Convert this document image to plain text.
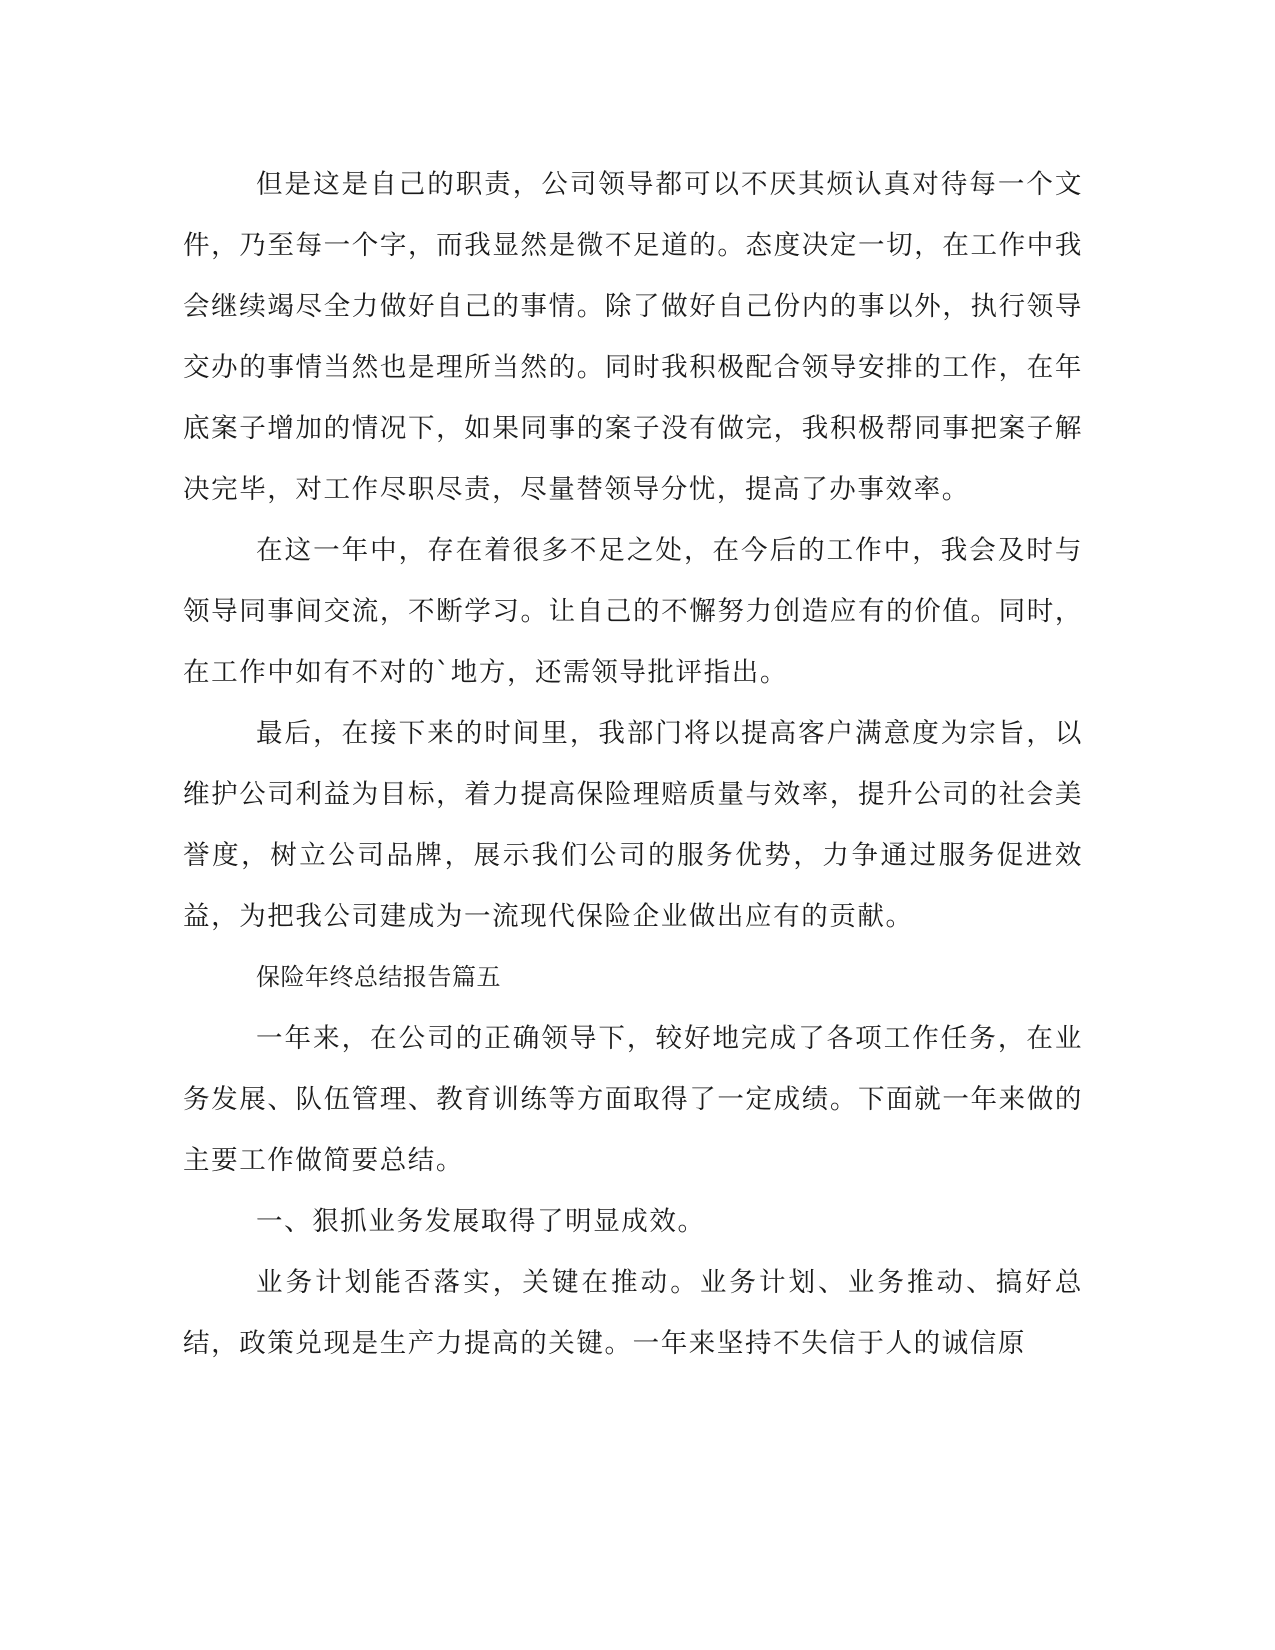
但是这是自己的职责，公司领导都可以不厌其烦认真对待每一个文件，乃至每一个字，而我显然是微不足道的。态度决定一切，在工作中我会继续竭尽全力做好自己的事情。除了做好自己份内的事以外，执行领导交办的事情当然也是理所当然的。同时我积极配合领导安排的工作，在年底案子增加的情况下，如果同事的案子没有做完，我积极帮同事把案子解决完毕，对工作尽职尽责，尽量替领导分忧，提高了办事效率。

在这一年中，存在着很多不足之处，在今后的工作中，我会及时与领导同事间交流，不断学习。让自己的不懈努力创造应有的价值。同时，在工作中如有不对的`地方，还需领导批评指出。

最后，在接下来的时间里，我部门将以提高客户满意度为宗旨，以维护公司利益为目标，着力提高保险理赔质量与效率，提升公司的社会美誉度，树立公司品牌，展示我们公司的服务优势，力争通过服务促进效益，为把我公司建成为一流现代保险企业做出应有的贡献。

保险年终总结报告篇五

一年来，在公司的正确领导下，较好地完成了各项工作任务，在业务发展、队伍管理、教育训练等方面取得了一定成绩。下面就一年来做的主要工作做简要总结。

一、狠抓业务发展取得了明显成效。

业务计划能否落实，关键在推动。业务计划、业务推动、搞好总结，政策兑现是生产力提高的关键。一年来坚持不失信于人的诚信原
